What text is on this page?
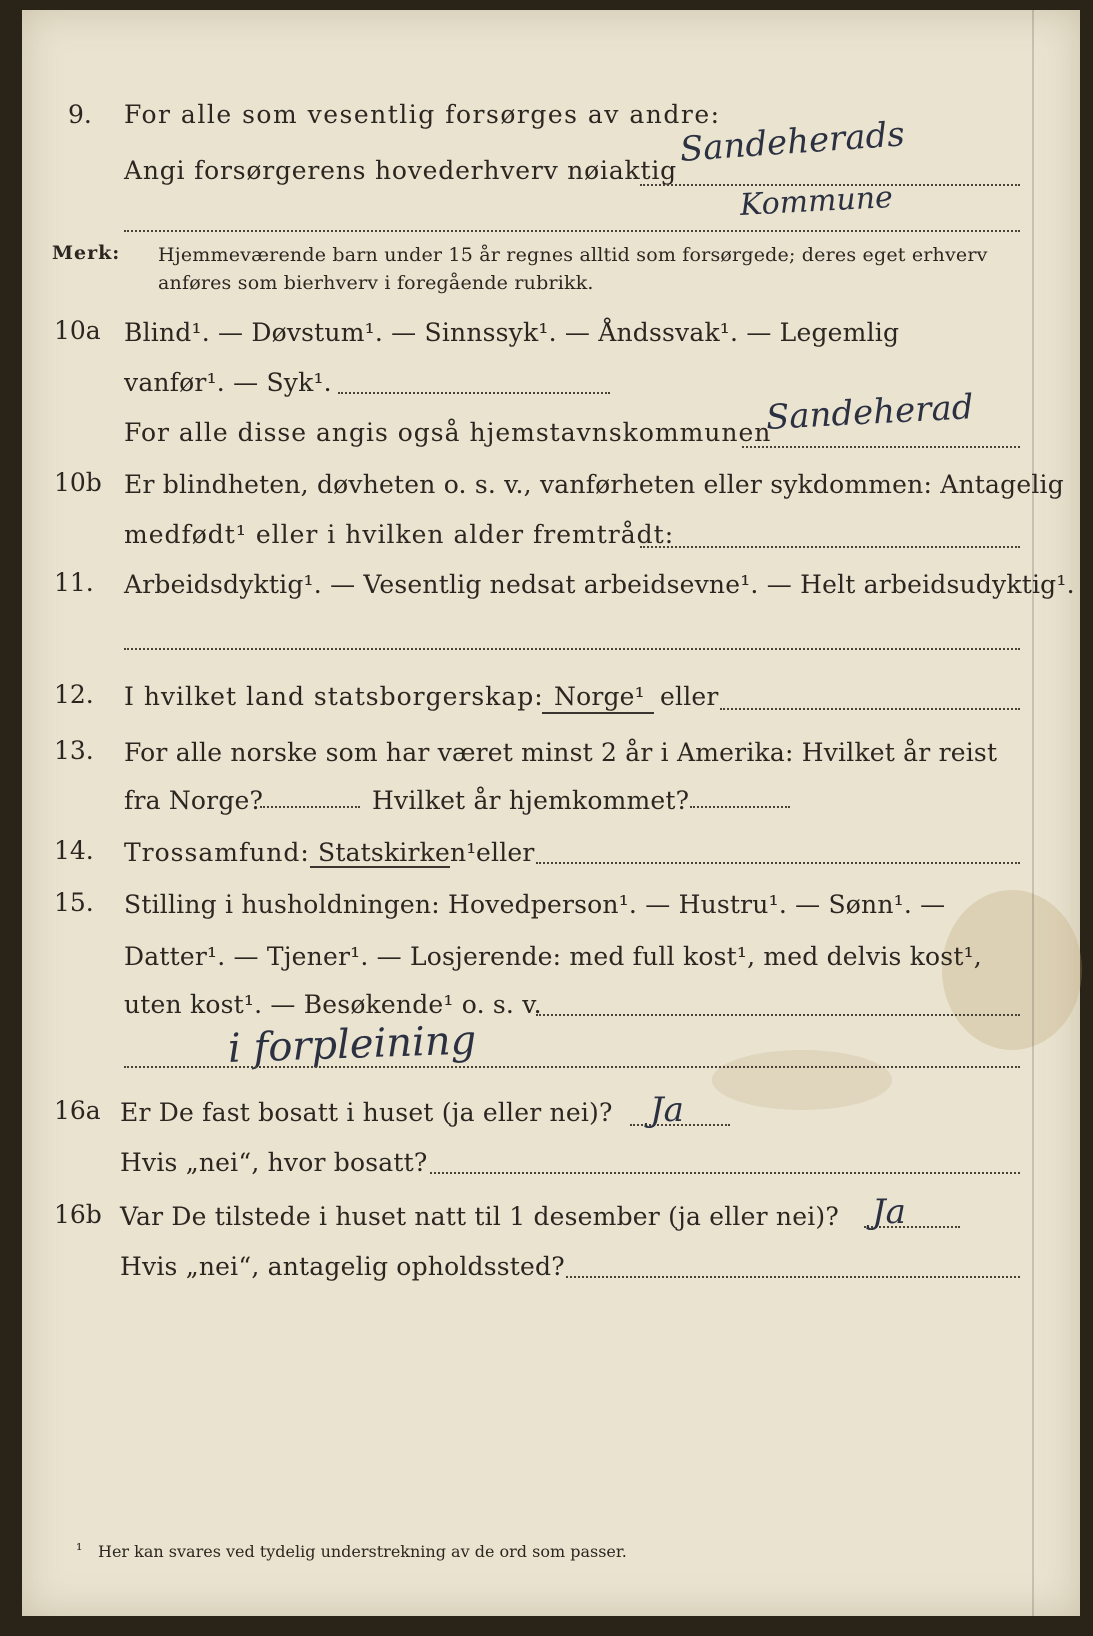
9. For alle som vesentlig forsørges av andre:
Angi forsørgerens hovederhverv nøiaktig
Sandeherads
Kommune
Merk: Hjemmeværende barn under 15 år regnes alltid som forsørgede; deres eget erhverv
anføres som bierhverv i foregående rubrikk.
10a Blind¹. — Døvstum¹. — Sinnssyk¹. — Åndssvak¹. — Legemlig
vanfør¹. — Syk¹.
For alle disse angis også hjemstavnskommunen
Sandeherad
10b Er blindheten, døvheten o. s. v., vanførheten eller sykdommen: Antagelig
medfødt¹ eller i hvilken alder fremtrådt:
11. Arbeidsdyktig¹. — Vesentlig nedsat arbeidsevne¹. — Helt arbeidsudyktig¹.
12. I hvilket land statsborgerskap: Norge¹ eller
13. For alle norske som har været minst 2 år i Amerika: Hvilket år reist
fra Norge?	Hvilket år hjemkommet?
14. Trossamfund: Statskirken¹ eller
15. Stilling i husholdningen: Hovedperson¹. — Hustru¹. — Sønn¹. —
Datter¹. — Tjener¹. — Losjerende: med full kost¹, med delvis kost¹,
uten kost¹. — Besøkende¹ o. s. v.
i forpleining
16a Er De fast bosatt i huset (ja eller nei)? Ja
Hvis „nei“, hvor bosatt?
16b Var De tilstede i huset natt til 1 desember (ja eller nei)? Ja
Hvis „nei“, antagelig opholdssted?
¹ Her kan svares ved tydelig understrekning av de ord som passer.
